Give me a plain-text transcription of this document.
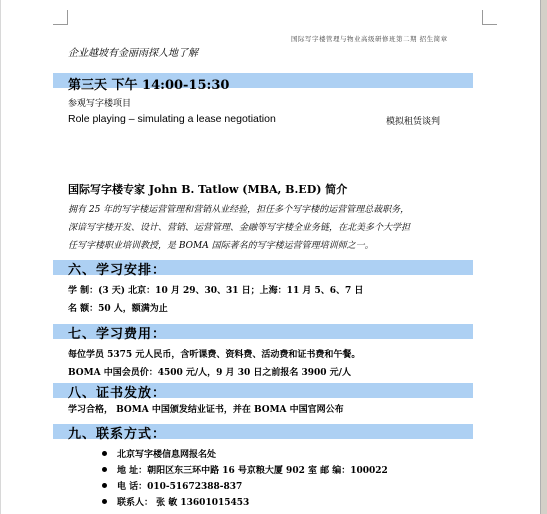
国际写字楼管理与物业高级研修班第二期 招生简章
企业越坡有金丽雨探人地了解
第三天 下午 14:00-15:30
参观写字楼项目
Role playing – simulating a lease negotiation	模拟租赁谈判
国际写字楼专家 John B. Tatlow (MBA, B.ED) 简介
拥有 25 年的写字楼运营管理和营销从业经验，担任多个写字楼的运营管理总裁职务，
深谙写字楼开发、设计、营销、运营管理、金融等写字楼全业务链，在北美多个大学担
任写字楼职业培训教授，是 BOMA 国际著名的写字楼运营管理培训师之一。
六、学习安排：
学 制：(3 天) 北京：10 月 29、30、31 日；上海：11 月 5、6、7 日
名 额：50 人，额满为止
七、学习费用：
每位学员 5375 元人民币，含听课费、资料费、活动费和证书费和午餐。
BOMA 中国会员价：4500 元/人，9 月 30 日之前报名 3900 元/人
八、证书发放：
学习合格， BOMA 中国颁发结业证书，并在 BOMA 中国官网公布
九、联系方式：
北京写字楼信息网报名处
地 址：朝阳区东三环中路 16 号京粮大厦 902 室 邮 编：100022
电 话：010-51672388-837
联系人： 张 敏 13601015453
